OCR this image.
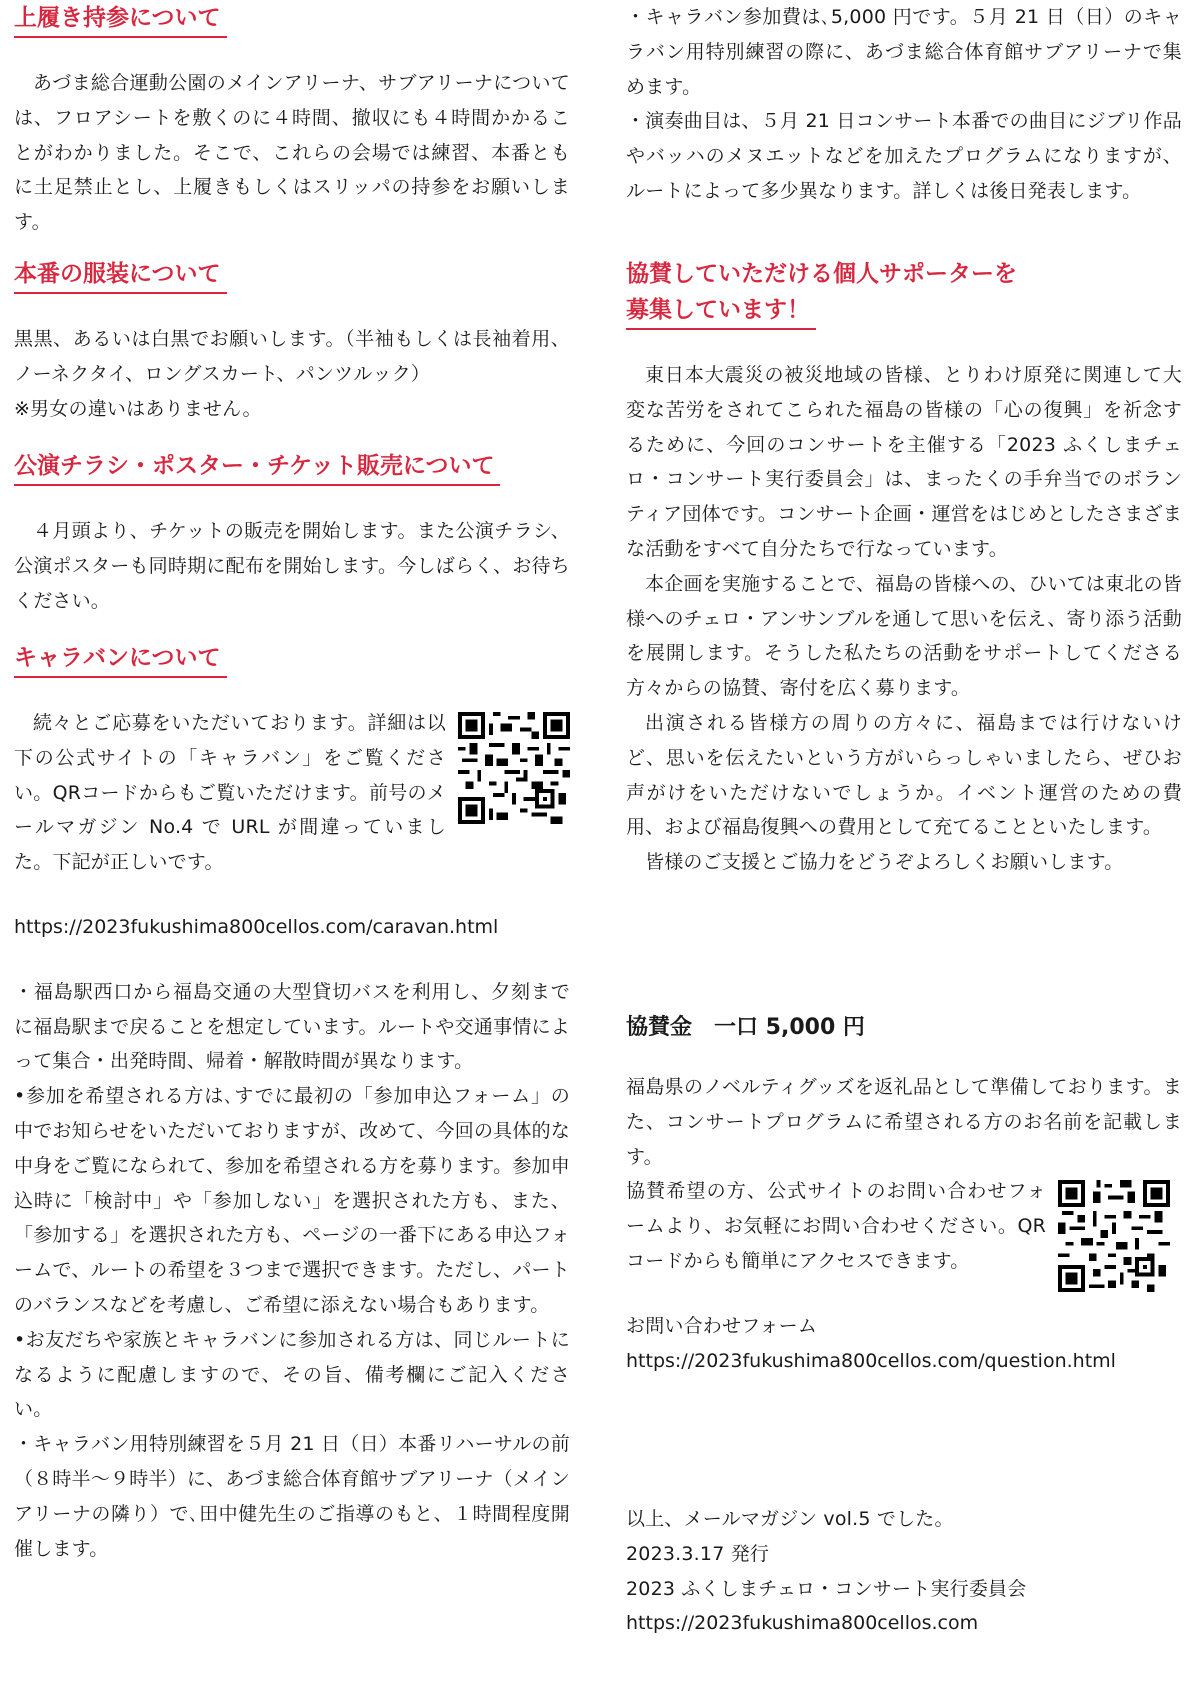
上履き持参について

あづま総合運動公園のメインアリーナ、サブアリーナについては、フロアシートを敷くのに４時間、撤収にも４時間かかることがわかりました。そこで、これらの会場では練習、本番ともに土足禁止とし、上履きもしくはスリッパの持参をお願いします。

本番の服装について

黒黒、あるいは白黒でお願いします。（半袖もしくは長袖着用、ノーネクタイ、ロングスカート、パンツルック）

※男女の違いはありません。

公演チラシ・ポスター・チケット販売について

４月頭より、チケットの販売を開始します。また公演チラシ、公演ポスターも同時期に配布を開始します。今しばらく、お待ちください。

キャラバンについて

続々とご応募をいただいております。詳細は以下の公式サイトの「キャラバン」をご覧ください。QRコードからもご覧いただけます。前号のメールマガジン No.4 で URL が間違っていました。下記が正しいです。

https://2023fukushima800cellos.com/caravan.html

・福島駅西口から福島交通の大型貸切バスを利用し、夕刻までに福島駅まで戻ることを想定しています。ルートや交通事情によって集合・出発時間、帰着・解散時間が異なります。

•参加を希望される方は､すでに最初の「参加申込フォーム」の中でお知らせをいただいておりますが、改めて、今回の具体的な中身をご覧になられて、参加を希望される方を募ります。参加申込時に「検討中」や「参加しない」を選択された方も、また、「参加する」を選択された方も、ページの一番下にある申込フォームで、ルートの希望を３つまで選択できます。ただし、パートのバランスなどを考慮し、ご希望に添えない場合もあります。

•お友だちや家族とキャラバンに参加される方は、同じルートになるように配慮しますので、その旨、備考欄にご記入ください。

・キャラバン用特別練習を５月 21 日（日）本番リハーサルの前（８時半〜９時半）に、あづま総合体育館サブアリーナ（メインアリーナの隣り）で､田中健先生のご指導のもと、１時間程度開催します。

・キャラバン参加費は､5,000 円です。５月 21 日（日）のキャラバン用特別練習の際に、あづま総合体育館サブアリーナで集めます。

・演奏曲目は、５月 21 日コンサート本番での曲目にジブリ作品やバッハのメヌエットなどを加えたプログラムになりますが、ルートによって多少異なります。詳しくは後日発表します。

協賛していただける個人サポーターを
募集しています！

東日本大震災の被災地域の皆様、とりわけ原発に関連して大変な苦労をされてこられた福島の皆様の「心の復興」を祈念するために、今回のコンサートを主催する「2023 ふくしまチェロ・コンサート実行委員会」は、まったくの手弁当でのボランティア団体です。コンサート企画・運営をはじめとしたさまざまな活動をすべて自分たちで行なっています。

本企画を実施することで、福島の皆様への、ひいては東北の皆様へのチェロ・アンサンブルを通して思いを伝え、寄り添う活動を展開します。そうした私たちの活動をサポートしてくださる方々からの協賛、寄付を広く募ります。

出演される皆様方の周りの方々に、福島までは行けないけど、思いを伝えたいという方がいらっしゃいましたら、ぜひお声がけをいただけないでしょうか。イベント運営のための費用、および福島復興への費用として充てることといたします。

皆様のご支援とご協力をどうぞよろしくお願いします。

協賛金　一口 5,000 円

福島県のノベルティグッズを返礼品として準備しております。また、コンサートプログラムに希望される方のお名前を記載します。

協賛希望の方、公式サイトのお問い合わせフォームより、お気軽にお問い合わせください。QR コードからも簡単にアクセスできます。

お問い合わせフォーム

https://2023fukushima800cellos.com/question.html

以上、メールマガジン vol.5 でした。

2023.3.17 発行

2023 ふくしまチェロ・コンサート実行委員会

https://2023fukushima800cellos.com
